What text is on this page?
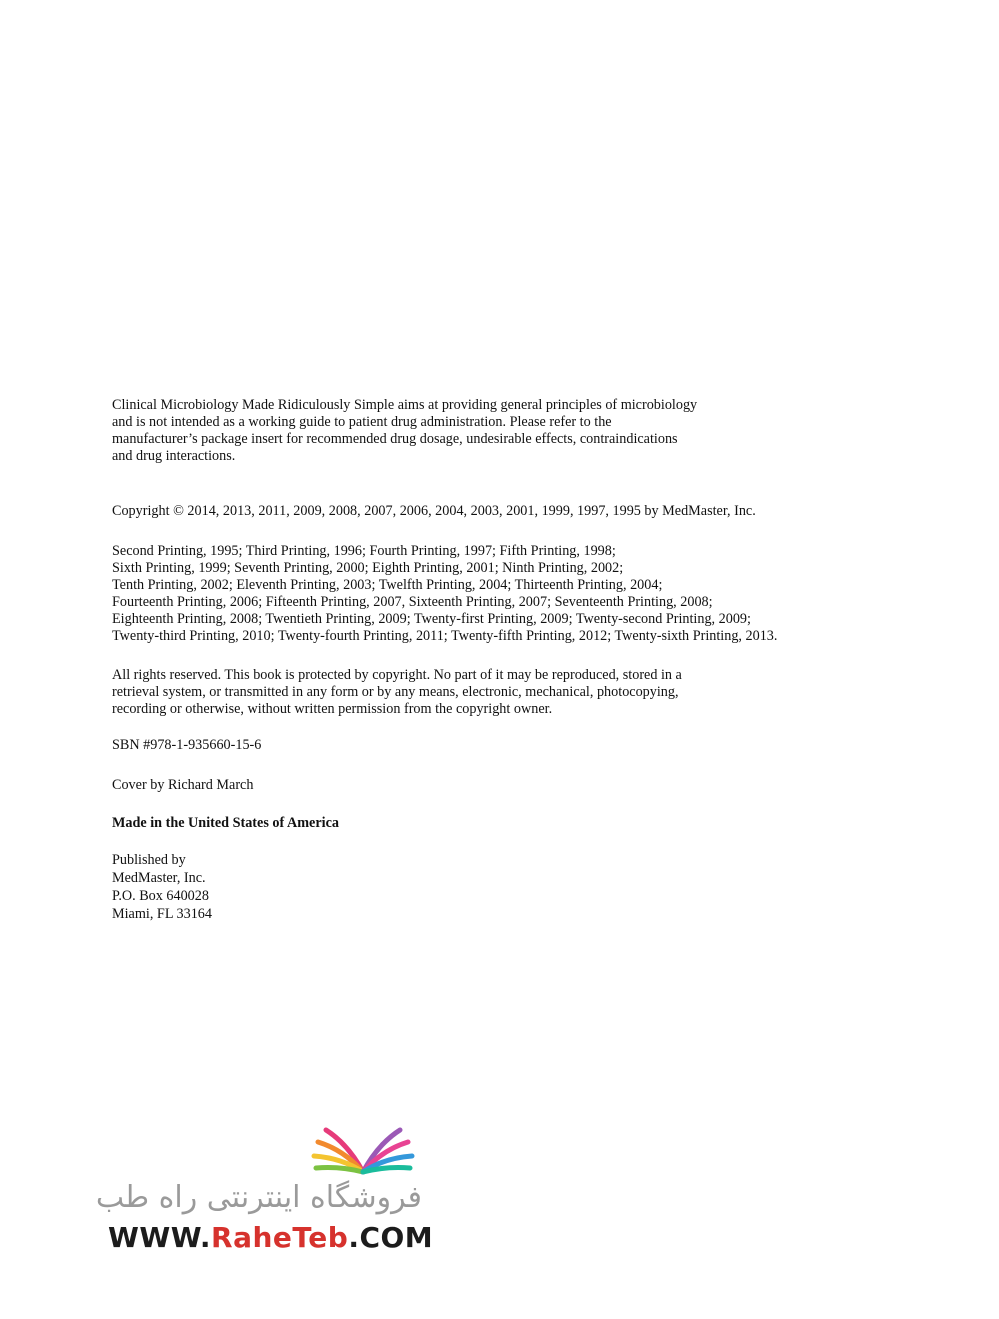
Clinical Microbiology Made Ridiculously Simple aims at providing general principles of microbiology
and is not intended as a working guide to patient drug administration. Please refer to the
manufacturer’s package insert for recommended drug dosage, undesirable effects, contraindications
and drug interactions.
Copyright © 2014, 2013, 2011, 2009, 2008, 2007, 2006, 2004, 2003, 2001, 1999, 1997, 1995 by MedMaster, Inc.
Second Printing, 1995; Third Printing, 1996; Fourth Printing, 1997; Fifth Printing, 1998;
Sixth Printing, 1999; Seventh Printing, 2000; Eighth Printing, 2001; Ninth Printing, 2002;
Tenth Printing, 2002; Eleventh Printing, 2003; Twelfth Printing, 2004; Thirteenth Printing, 2004;
Fourteenth Printing, 2006; Fifteenth Printing, 2007, Sixteenth Printing, 2007; Seventeenth Printing, 2008;
Eighteenth Printing, 2008; Twentieth Printing, 2009; Twenty-first Printing, 2009; Twenty-second Printing, 2009;
Twenty-third Printing, 2010; Twenty-fourth Printing, 2011; Twenty-fifth Printing, 2012; Twenty-sixth Printing, 2013.
All rights reserved. This book is protected by copyright. No part of it may be reproduced, stored in a
retrieval system, or transmitted in any form or by any means, electronic, mechanical, photocopying,
recording or otherwise, without written permission from the copyright owner.
SBN #978-1-935660-15-6
Cover by Richard March
Made in the United States of America
Published by
MedMaster, Inc.
P.O. Box 640028
Miami, FL 33164
فروشگاه اینترنتی راه طب
WWW.RaheTeb.COM
